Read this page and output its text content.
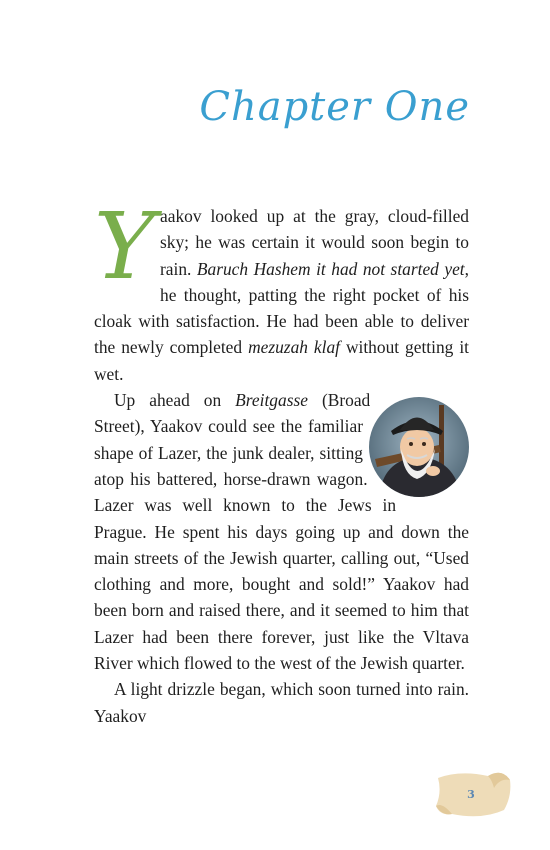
Chapter One
Y aakov looked up at the gray, cloud-filled sky; he was certain it would soon begin to rain. Baruch Hashem it had not started yet, he thought, patting the right pocket of his cloak with satisfaction. He had been able to deliver the newly completed mezuzah klaf without getting it wet.

Up ahead on Breitgasse (Broad Street), Yaakov could see the familiar shape of Lazer, the junk dealer, sitting atop his battered, horse-drawn wagon. Lazer was well known to the Jews in Prague. He spent his days going up and down the main streets of the Jewish quarter, calling out, “Used clothing and more, bought and sold!” Yaakov had been born and raised there, and it seemed to him that Lazer had been there forever, just like the Vltava River which flowed to the west of the Jewish quarter.

A light drizzle began, which soon turned into rain. Yaakov

3
